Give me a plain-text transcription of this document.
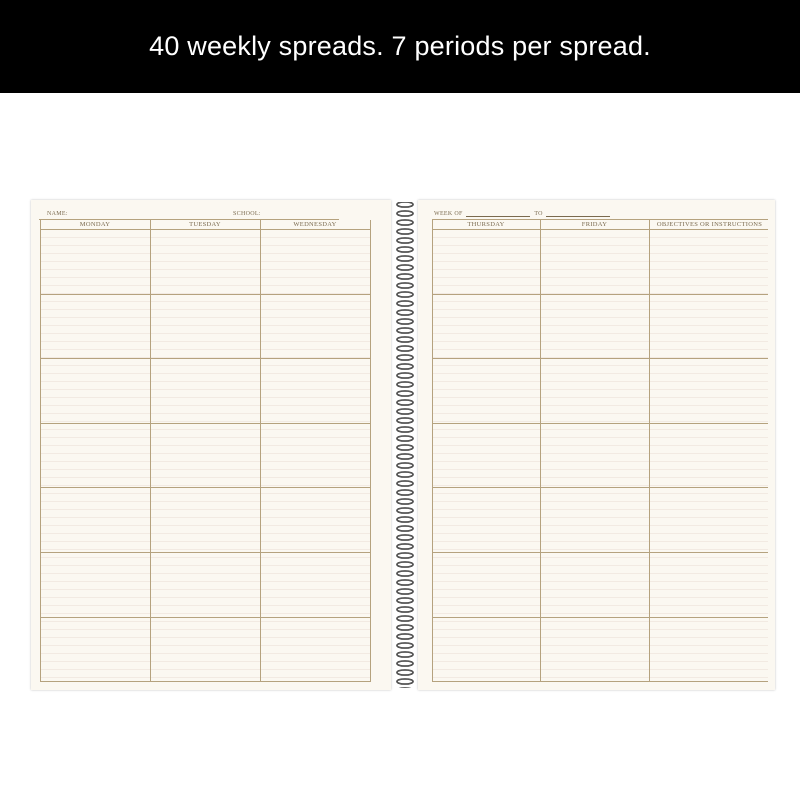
40 weekly spreads. 7 periods per spread.
NAME:	SCHOOL:
MONDAY	TUESDAY	WEDNESDAY
WEEK OF	TO
THURSDAY	FRIDAY	OBJECTIVES OR INSTRUCTIONS
